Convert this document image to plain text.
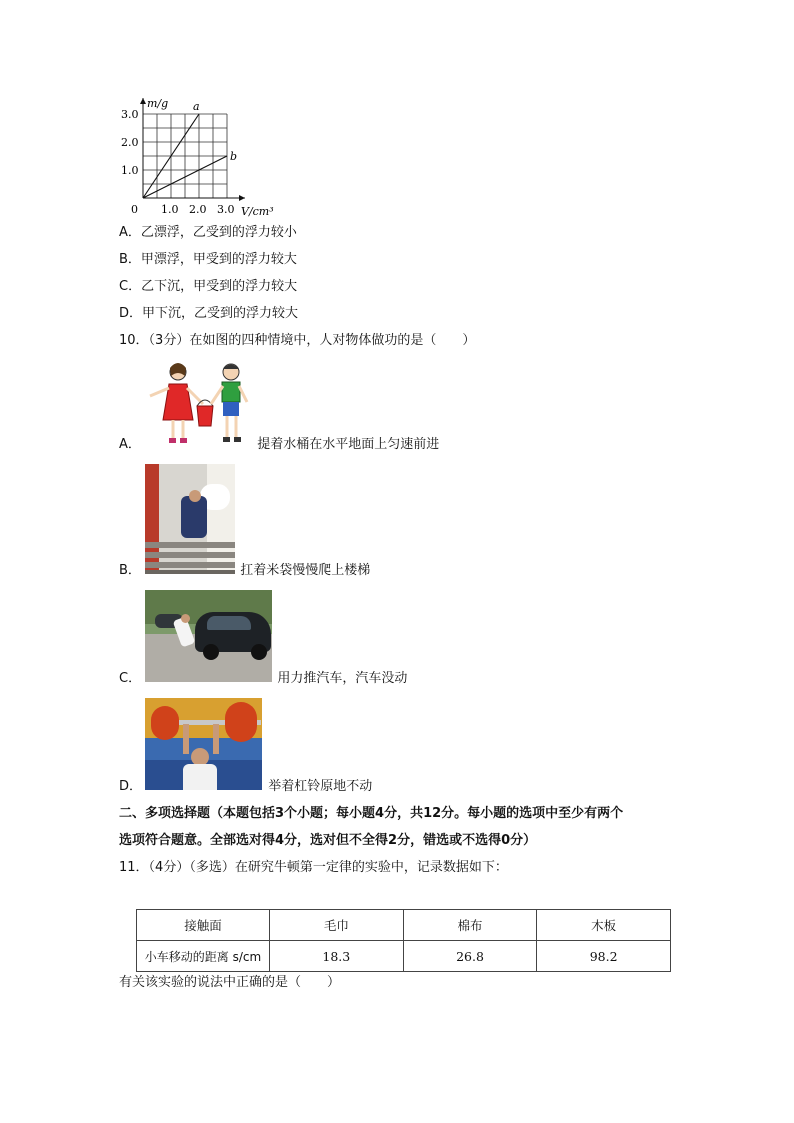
m/g
V/cm³
0
1.0
2.0
3.0
1.0 2.0 3.0
a
b
A．乙漂浮，乙受到的浮力较小
B．甲漂浮，甲受到的浮力较大
C．乙下沉，甲受到的浮力较大
D．甲下沉，乙受到的浮力较大
10．（3分）在如图的四种情境中，人对物体做功的是（　　）
A．	提着水桶在水平地面上匀速前进
B．	扛着米袋慢慢爬上楼梯
C．	用力推汽车，汽车没动
D．	举着杠铃原地不动
二、多项选择题（本题包括3个小题；每小题4分，共12分。每小题的选项中至少有两个
选项符合题意。全部选对得4分，选对但不全得2分，错选或不选得0分）
11．（4分）（多选）在研究牛顿第一定律的实验中，记录数据如下：
接触面	毛巾	棉布	木板
小车移动的距离 s/cm	18.3	26.8	98.2
有关该实验的说法中正确的是（　　）
